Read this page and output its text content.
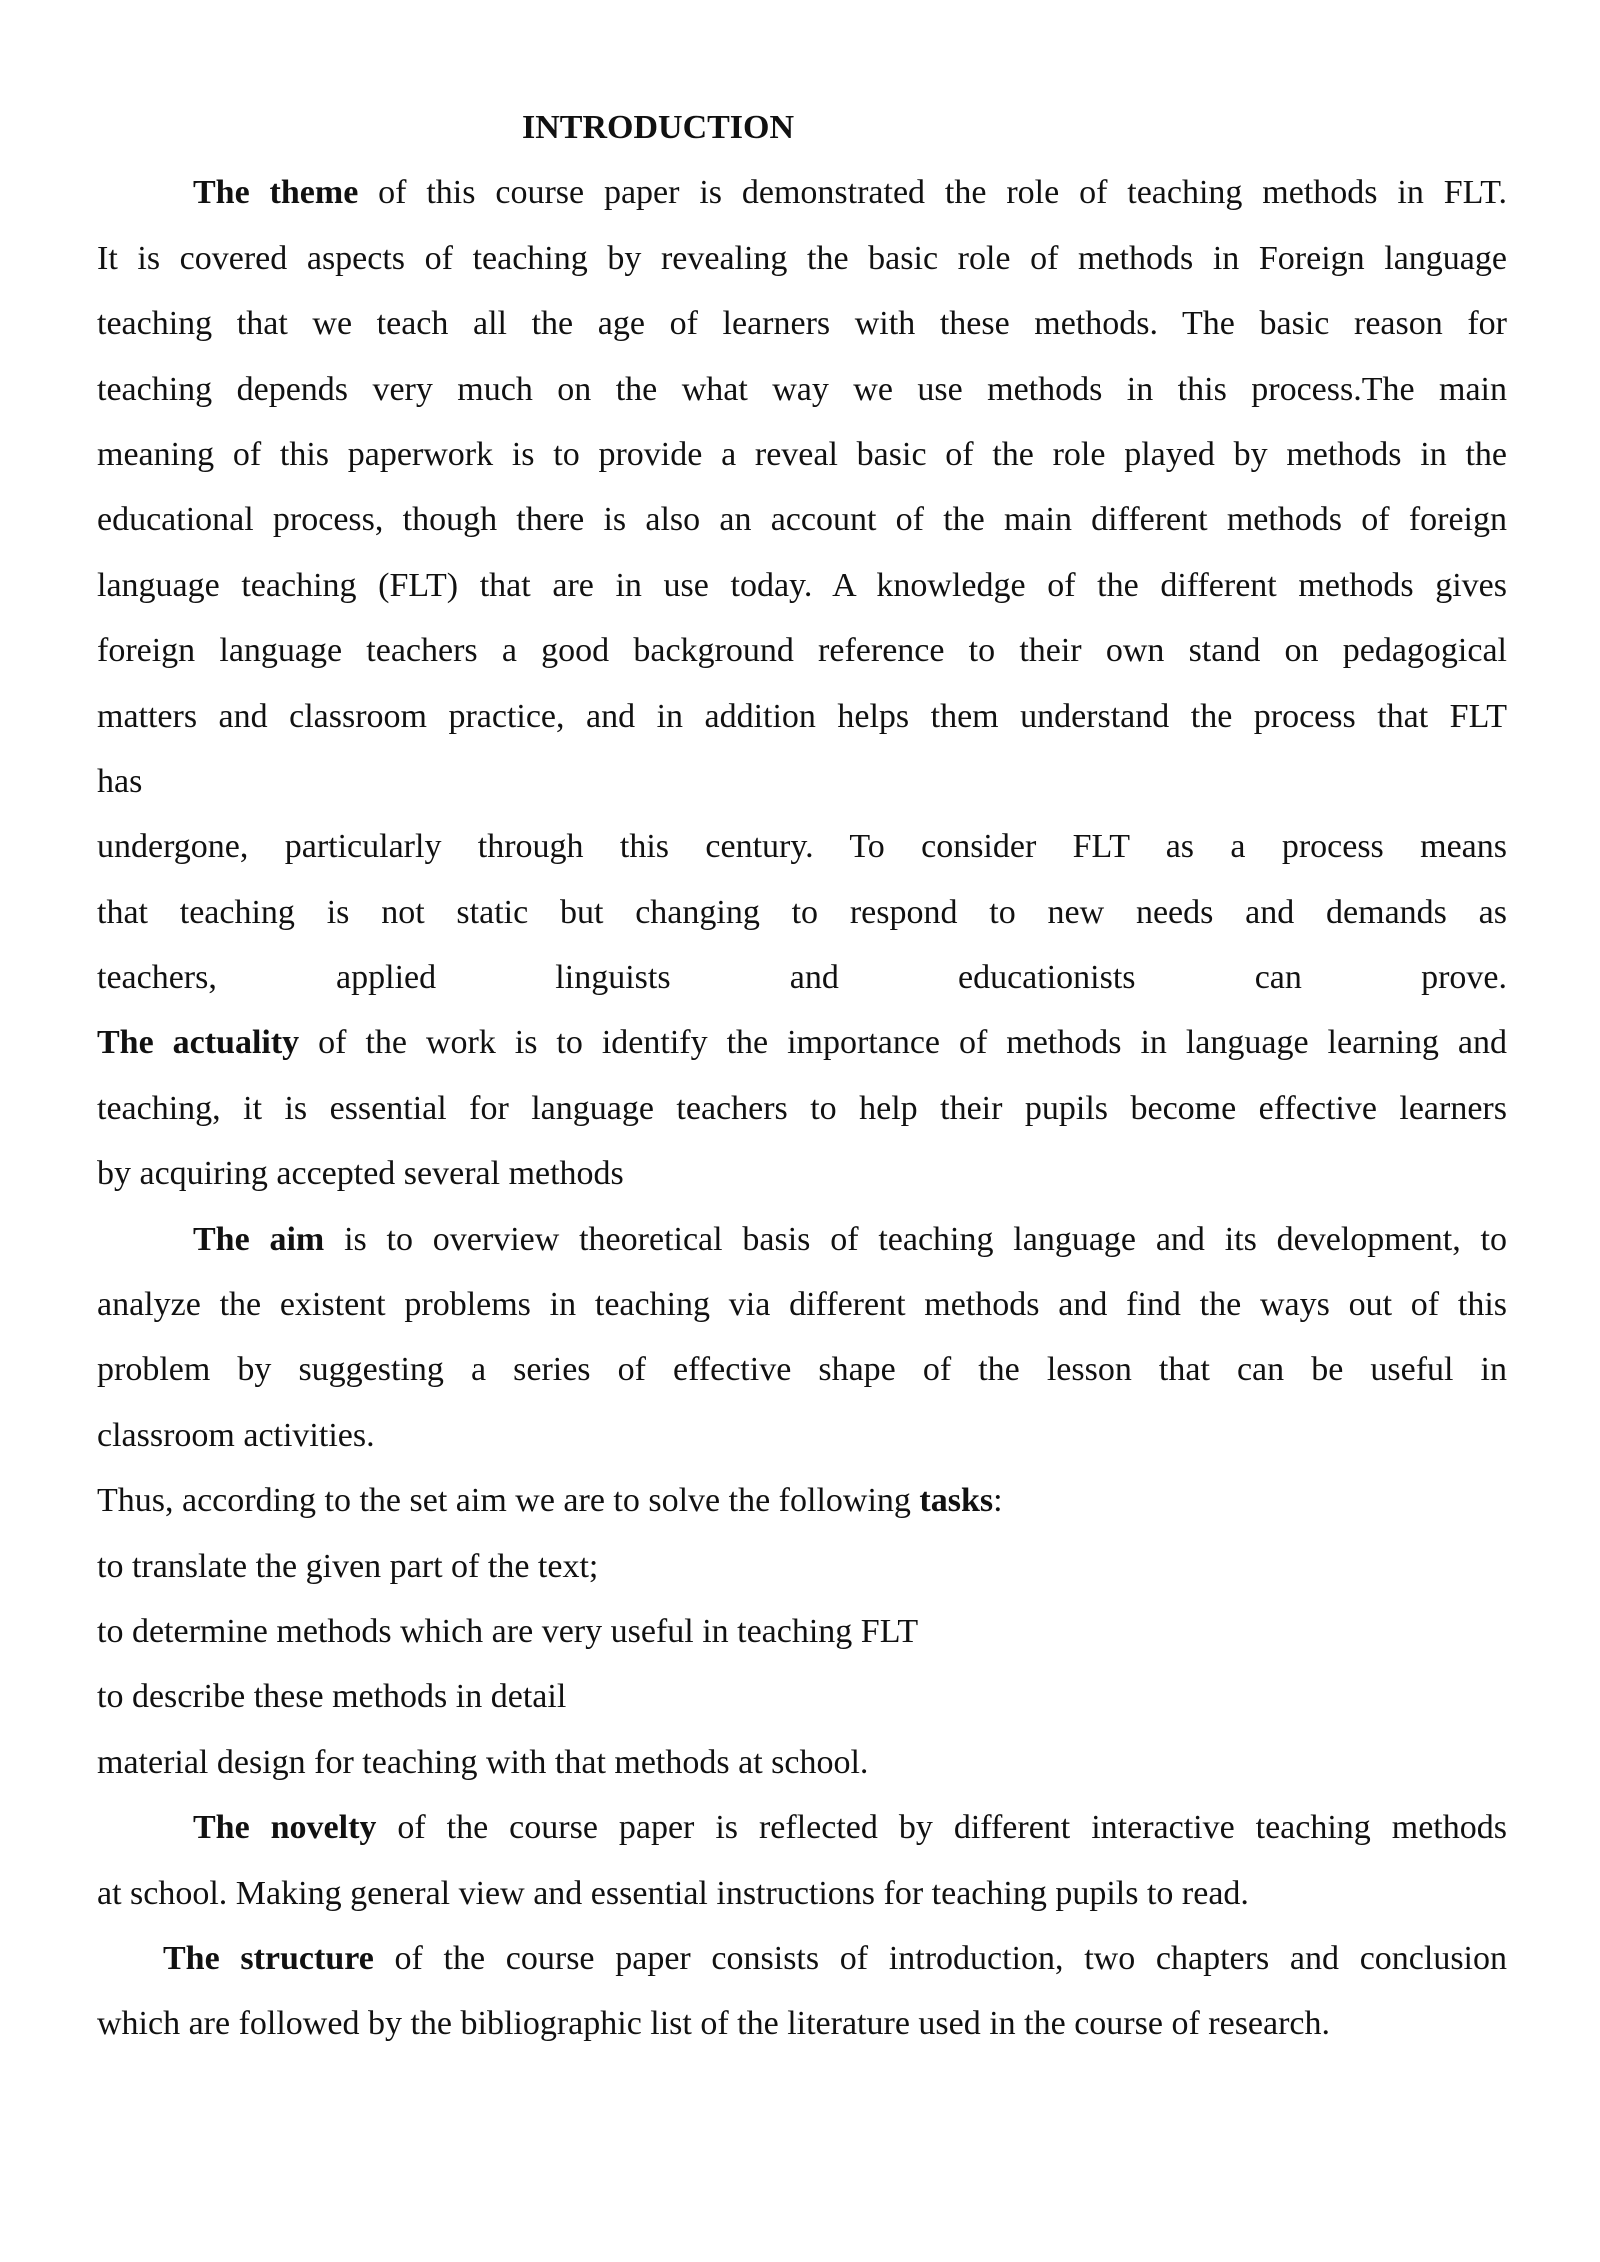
INTRODUCTION
The theme of this course paper is demonstrated the role of teaching methods in FLT.
It is covered aspects of teaching by revealing the basic role of methods in Foreign language
teaching that we teach all the age of learners with these methods. The basic reason for
teaching depends very much on the what way we use methods in this process.The main
meaning of this paperwork is to provide a reveal basic of the role played by methods in the
educational process, though there is also an account of the main different methods of foreign
language teaching (FLT) that are in use today. A knowledge of the different methods gives
foreign language teachers a good background reference to their own stand on pedagogical
matters and classroom practice, and in addition helps them understand the process that FLT
has
undergone, particularly through this century. To consider FLT as a process means
that teaching is not static but changing to respond to new needs and demands as
teachers, applied linguists and educationists can prove.
The actuality of the work is to identify the importance of methods in language learning and
teaching, it is essential for language teachers to help their pupils become effective learners
by acquiring accepted several methods
The aim is to overview theoretical basis of teaching language and its development, to
analyze the existent problems in teaching via different methods and find the ways out of this
problem by suggesting a series of effective shape of the lesson that can be useful in
classroom activities.
Thus, according to the set aim we are to solve the following tasks:
to translate the given part of the text;
to determine methods which are very useful in teaching FLT
to describe these methods in detail
material design for teaching with that methods at school.
The novelty of the course paper is reflected by different interactive teaching methods
at school. Making general view and essential instructions for teaching pupils to read.
The structure of the course paper consists of introduction, two chapters and conclusion
which are followed by the bibliographic list of the literature used in the course of research.
